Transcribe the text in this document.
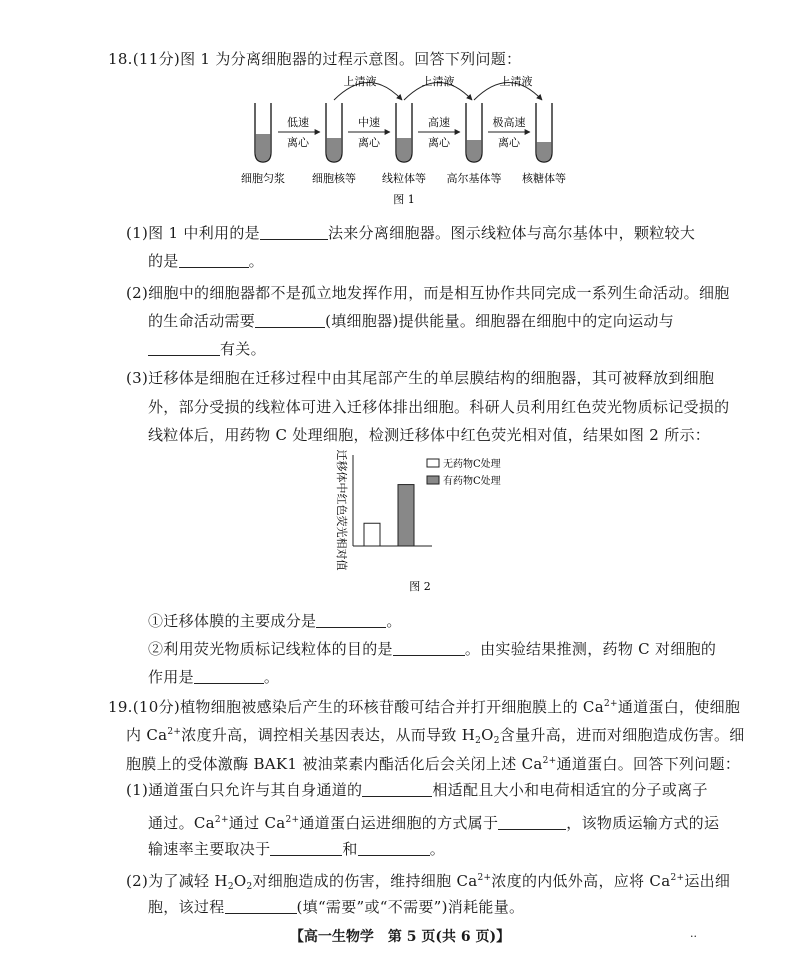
18.(11分)图 1 为分离细胞器的过程示意图。回答下列问题：
上清液	上清液	上清液
低速
离心
中速
离心
高速
离心
极高速
离心
细胞匀浆 细胞核等 线粒体等 高尔基体等 核糖体等
图 1
(1)图 1 中利用的是	法来分离细胞器。图示线粒体与高尔基体中，颗粒较大
的是	。
(2)细胞中的细胞器都不是孤立地发挥作用，而是相互协作共同完成一系列生命活动。细胞
的生命活动需要	(填细胞器)提供能量。细胞器在细胞中的定向运动与
有关。
(3)迁移体是细胞在迁移过程中由其尾部产生的单层膜结构的细胞器，其可被释放到细胞
外，部分受损的线粒体可进入迁移体排出细胞。科研人员利用红色荧光物质标记受损的
线粒体后，用药物 C 处理细胞，检测迁移体中红色荧光相对值，结果如图 2 所示：
迁移体中红色荧光相对值	无药物C处理
有药物C处理
图 2
①迁移体膜的主要成分是	。
②利用荧光物质标记线粒体的目的是	。由实验结果推测，药物 C 对细胞的
作用是	。
19.(10分)植物细胞被感染后产生的环核苷酸可结合并打开细胞膜上的 $Ca^{2+}$通道蛋白，使细胞
内 $Ca^{2+}$浓度升高，调控相关基因表达，从而导致 $H_2O_2$含量升高，进而对细胞造成伤害。细
胞膜上的受体激酶 BAK1 被油菜素内酯活化后会关闭上述 $Ca^{2+}$通道蛋白。回答下列问题：
(1)通道蛋白只允许与其自身通道的	相适配且大小和电荷相适宜的分子或离子
通过。$Ca^{2+}$通过 $Ca^{2+}$通道蛋白运进细胞的方式属于	，该物质运输方式的运
输速率主要取决于	和	。
(2)为了减轻 $H_2O_2$对细胞造成的伤害，维持细胞 $Ca^{2+}$浓度的内低外高，应将 $Ca^{2+}$运出细
胞，该过程	(填“需要”或“不需要”)消耗能量。
【高一生物学　第 5 页(共 6 页)】	··
